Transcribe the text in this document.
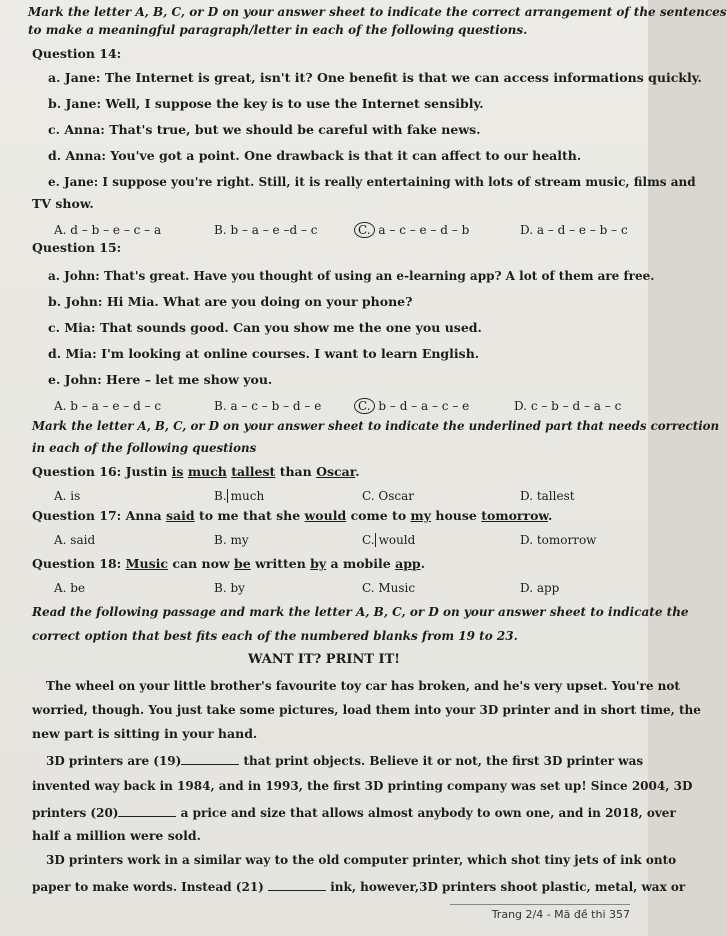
Mark the letter A, B, C, or D on your answer sheet to indicate the correct arrangement of the sentences
to make a meaningful paragraph/letter in each of the following questions.
Question 14:
a. Jane: The Internet is great, isn't it? One benefit is that we can access informations quickly.
b. Jane: Well, I suppose the key is to use the Internet sensibly.
c. Anna: That's true, but we should be careful with fake news.
d. Anna: You've got a point. One drawback is that it can affect to our health.
e. Jane: I suppose you're right. Still, it is really entertaining with lots of stream music, films and
TV show.
A. d – b – e – c – a	B. b – a – e –d – c	C. a – c – e – d – b	D. a – d – e – b – c
Question 15:
a. John: That's great. Have you thought of using an e-learning app? A lot of them are free.
b. John: Hi Mia. What are you doing on your phone?
c. Mia: That sounds good. Can you show me the one you used.
d. Mia: I'm looking at online courses. I want to learn English.
e. John: Here – let me show you.
A. b – a – e – d – c	B. a – c – b – d – e	C. b – d – a – c – e	D. c – b – d – a – c
Mark the letter A, B, C, or D on your answer sheet to indicate the underlined part that needs correction
in each of the following questions
Question 16: Justin is much tallest than Oscar.
A. is	B. much	C. Oscar	D. tallest
Question 17: Anna said to me that she would come to my house tomorrow.
A. said	B. my	C. would	D. tomorrow
Question 18: Music can now be written by a mobile app.
A. be	B. by	C. Music	D. app
Read the following passage and mark the letter A, B, C, or D on your answer sheet to indicate the
correct option that best fits each of the numbered blanks from 19 to 23.
WANT IT? PRINT IT!
The wheel on your little brother's favourite toy car has broken, and he's very upset. You're not
worried, though. You just take some pictures, load them into your 3D printer and in short time, the
new part is sitting in your hand.
3D printers are (19)	that print objects. Believe it or not, the first 3D printer was
invented way back in 1984, and in 1993, the first 3D printing company was set up! Since 2004, 3D
printers (20)	a price and size that allows almost anybody to own one, and in 2018, over
half a million were sold.
3D printers work in a similar way to the old computer printer, which shot tiny jets of ink onto
paper to make words. Instead (21)	ink, however,3D printers shoot plastic, metal, wax or
Trang 2/4 - Mã đề thi 357
